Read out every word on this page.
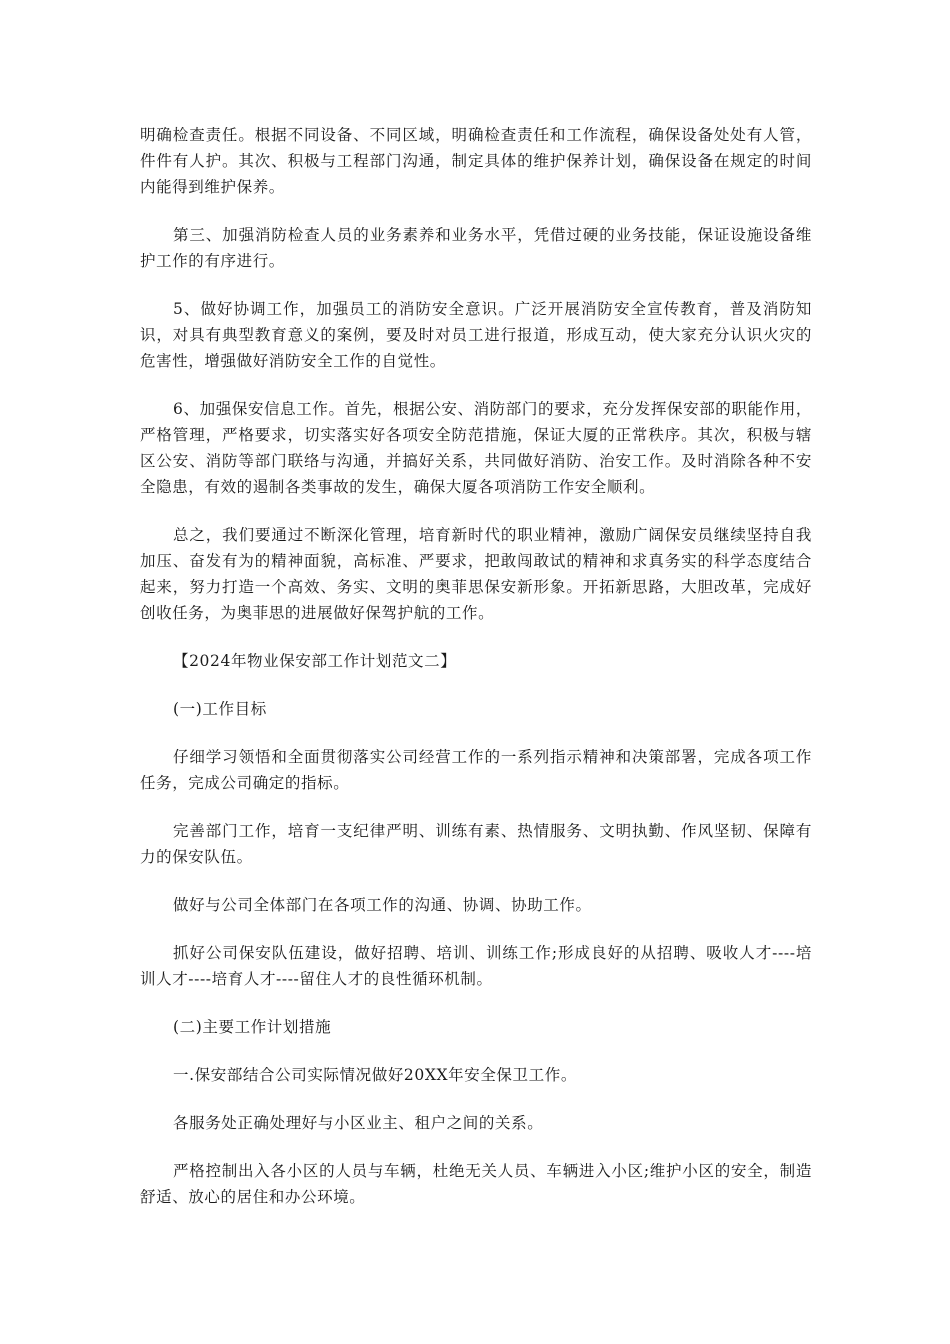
明确检查责任。根据不同设备、不同区域，明确检查责任和工作流程，确保设备处处有人管，件件有人护。其次、积极与工程部门沟通，制定具体的维护保养计划，确保设备在规定的时间内能得到维护保养。

第三、加强消防检查人员的业务素养和业务水平，凭借过硬的业务技能，保证设施设备维护工作的有序进行。

5、做好协调工作，加强员工的消防安全意识。广泛开展消防安全宣传教育，普及消防知识，对具有典型教育意义的案例，要及时对员工进行报道，形成互动，使大家充分认识火灾的危害性，增强做好消防安全工作的自觉性。

6、加强保安信息工作。首先，根据公安、消防部门的要求，充分发挥保安部的职能作用，严格管理，严格要求，切实落实好各项安全防范措施，保证大厦的正常秩序。其次，积极与辖区公安、消防等部门联络与沟通，并搞好关系，共同做好消防、治安工作。及时消除各种不安全隐患，有效的遏制各类事故的发生，确保大厦各项消防工作安全顺利。

总之，我们要通过不断深化管理，培育新时代的职业精神，激励广阔保安员继续坚持自我加压、奋发有为的精神面貌，高标准、严要求，把敢闯敢试的精神和求真务实的科学态度结合起来，努力打造一个高效、务实、文明的奥菲思保安新形象。开拓新思路，大胆改革，完成好创收任务，为奥菲思的进展做好保驾护航的工作。

【2024年物业保安部工作计划范文二】

(一)工作目标

仔细学习领悟和全面贯彻落实公司经营工作的一系列指示精神和决策部署，完成各项工作任务，完成公司确定的指标。

完善部门工作，培育一支纪律严明、训练有素、热情服务、文明执勤、作风坚韧、保障有力的保安队伍。

做好与公司全体部门在各项工作的沟通、协调、协助工作。

抓好公司保安队伍建设，做好招聘、培训、训练工作;形成良好的从招聘、吸收人才----培训人才----培育人才----留住人才的良性循环机制。

(二)主要工作计划措施

一.保安部结合公司实际情况做好20XX年安全保卫工作。

各服务处正确处理好与小区业主、租户之间的关系。

严格控制出入各小区的人员与车辆，杜绝无关人员、车辆进入小区;维护小区的安全，制造舒适、放心的居住和办公环境。
